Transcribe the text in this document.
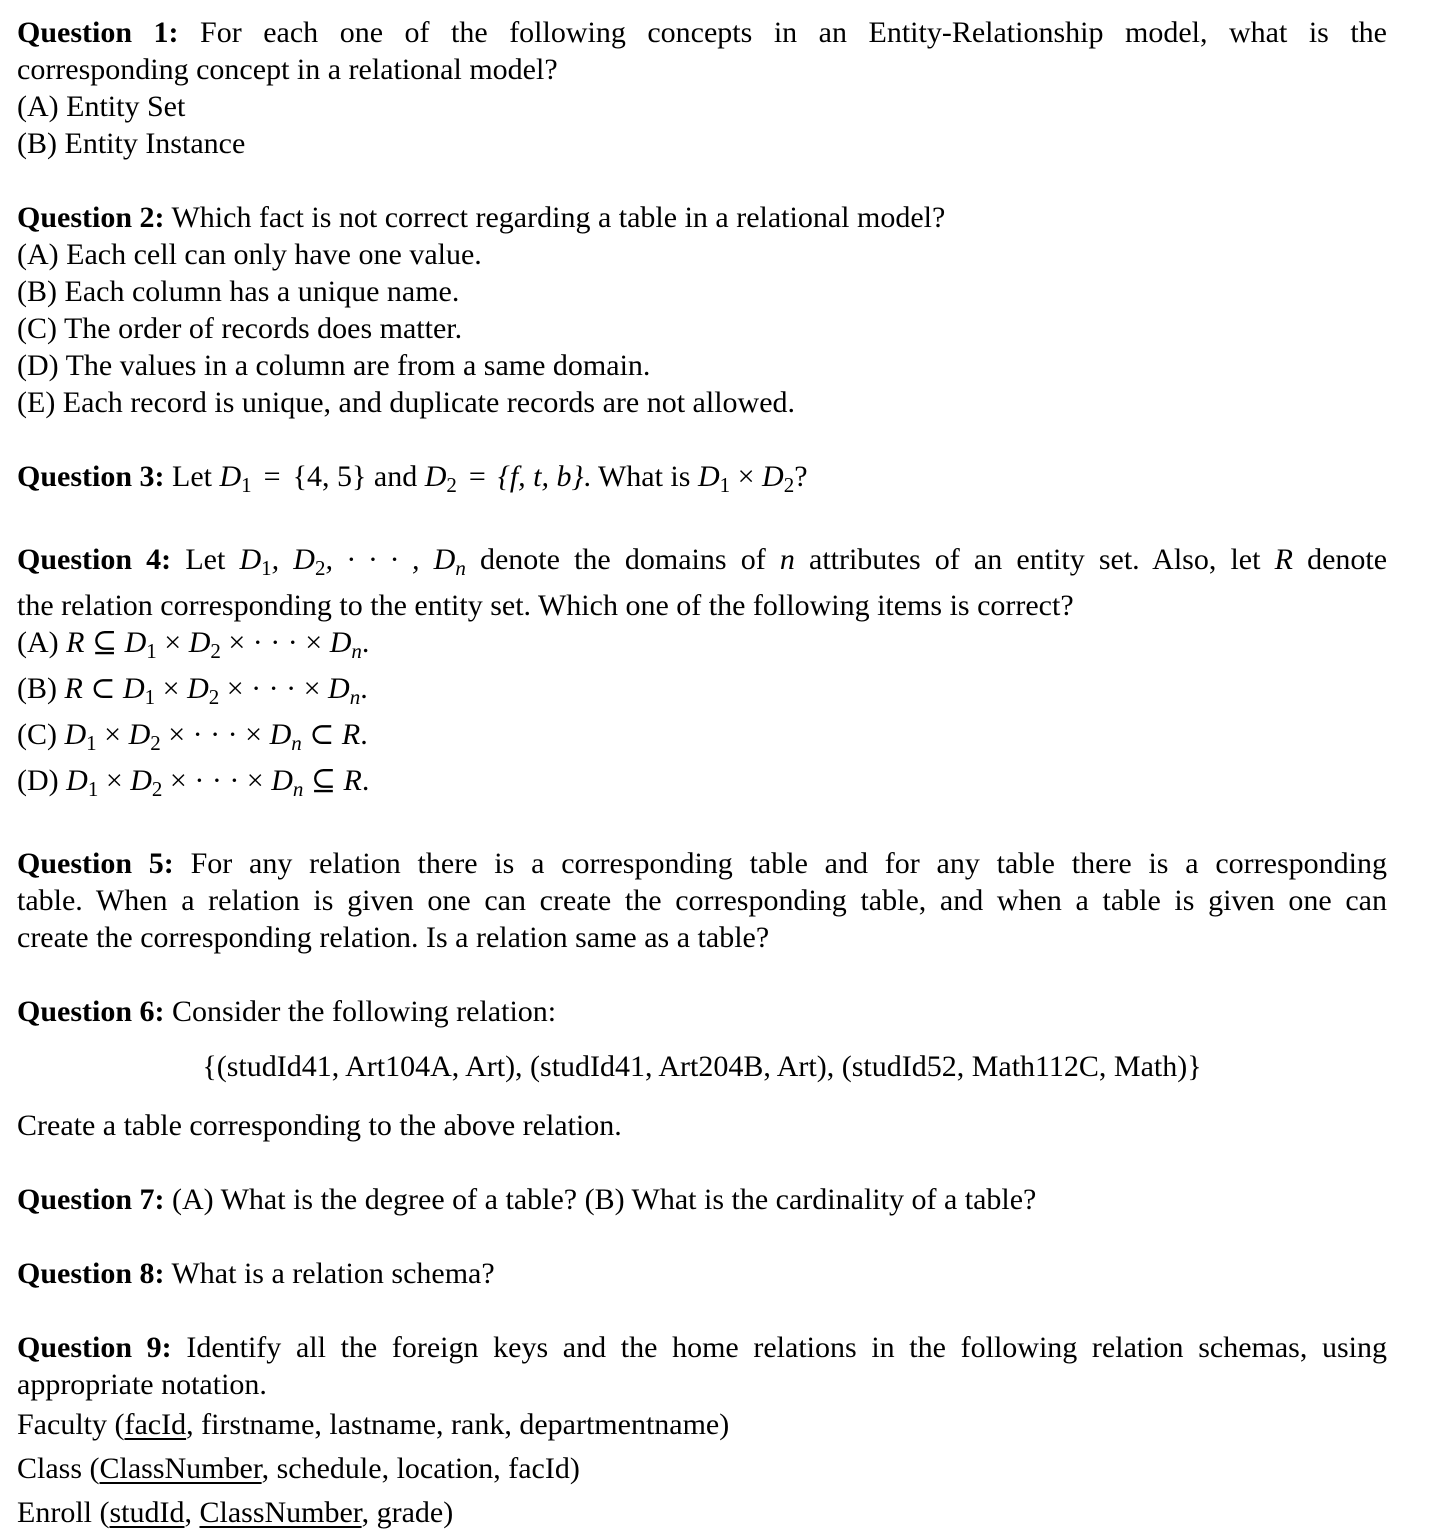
Question 1: For each one of the following concepts in an Entity-Relationship model, what is the
corresponding concept in a relational model?
(A) Entity Set
(B) Entity Instance
Question 2: Which fact is not correct regarding a table in a relational model?
(A) Each cell can only have one value.
(B) Each column has a unique name.
(C) The order of records does matter.
(D) The values in a column are from a same domain.
(E) Each record is unique, and duplicate records are not allowed.
Question 3: Let $D_1 = \{4$, 5} and $D_2 = \{f$, t, b}. What is $D_1 \times D_2$?
Question 4: Let $D_1$, $D_2$, · · · , $D_n$ denote the domains of n attributes of an entity set. Also, let R denote
the relation corresponding to the entity set. Which one of the following items is correct?
(A) R ⊆ $D_1 \times D_2$ × · · · × $D_n$.
(B) R ⊂ $D_1 \times D_2$ × · · · × $D_n$.
(C) $D_1 \times D_2$ × · · · × $D_n$ ⊂ R.
(D) $D_1 \times D_2$ × · · · × $D_n$ ⊆ R.
Question 5: For any relation there is a corresponding table and for any table there is a corresponding
table. When a relation is given one can create the corresponding table, and when a table is given one can
create the corresponding relation. Is a relation same as a table?
Question 6: Consider the following relation:
{(studId41, Art104A, Art), (studId41, Art204B, Art), (studId52, Math112C, Math)}
Create a table corresponding to the above relation.
Question 7: (A) What is the degree of a table? (B) What is the cardinality of a table?
Question 8: What is a relation schema?
Question 9: Identify all the foreign keys and the home relations in the following relation schemas, using
appropriate notation.
Faculty (facId, firstname, lastname, rank, departmentname)
Class (ClassNumber, schedule, location, facId)
Enroll (studId, ClassNumber, grade)
